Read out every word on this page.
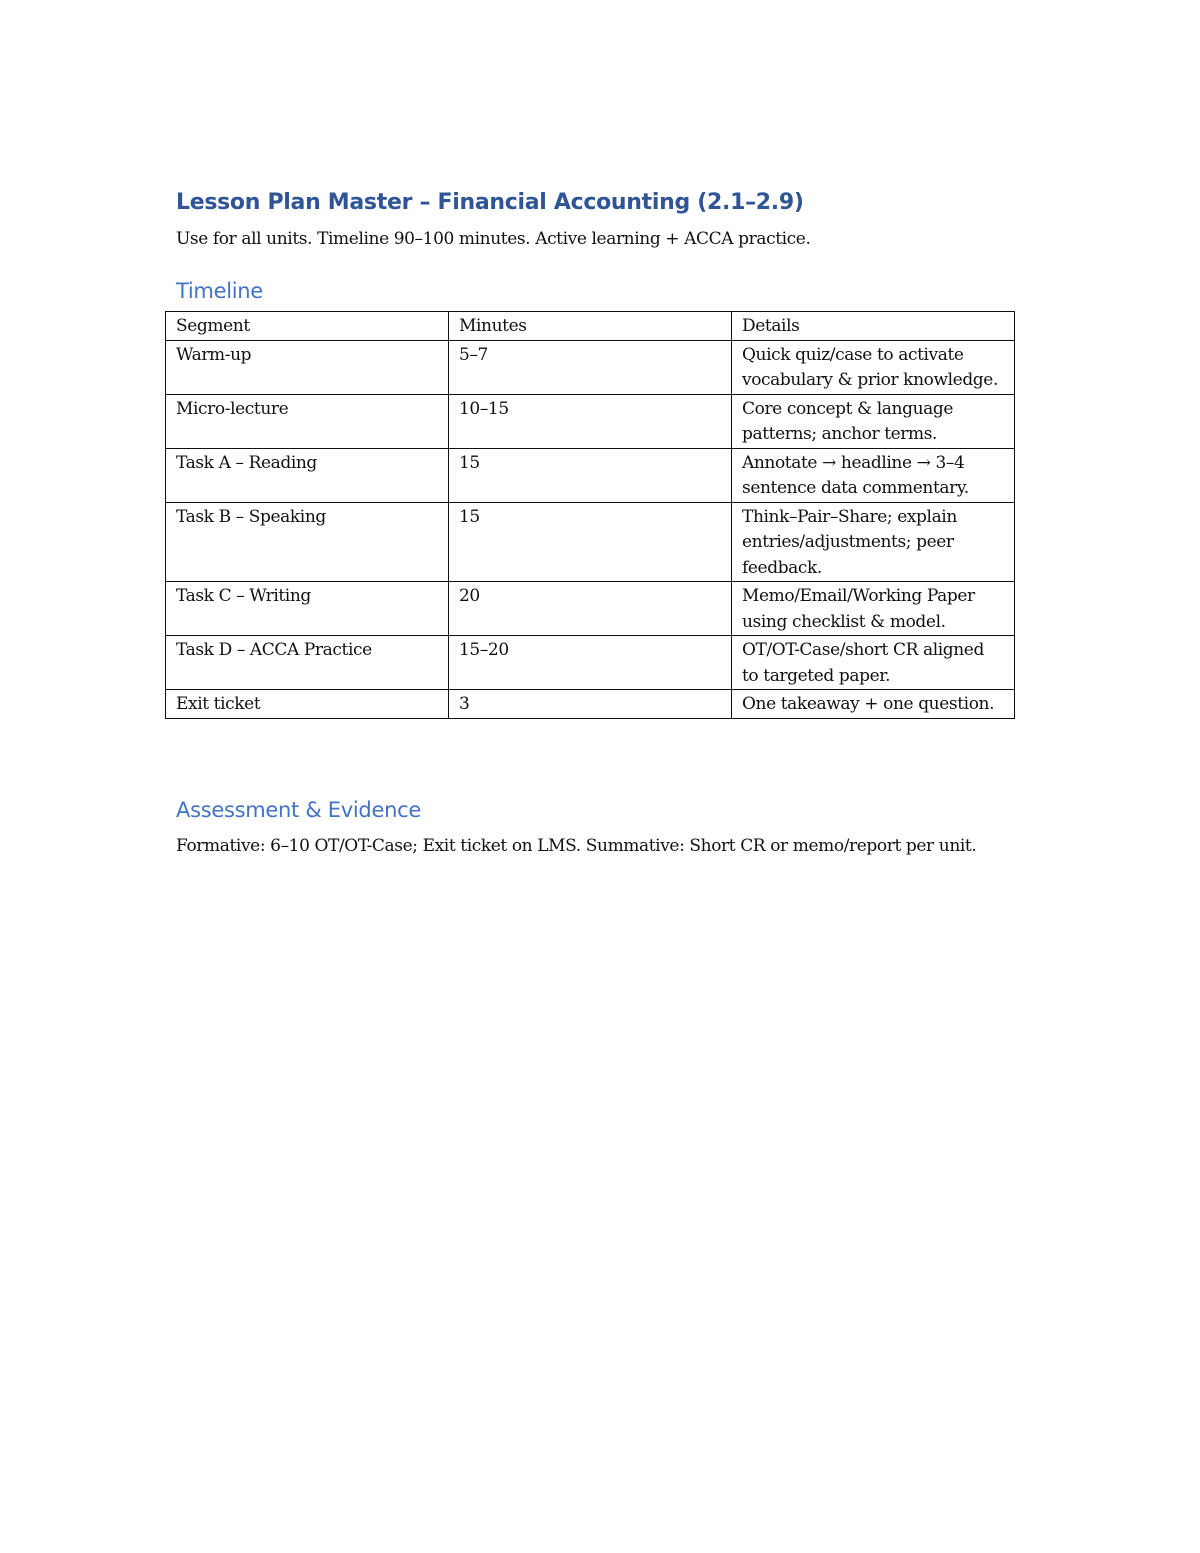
Lesson Plan Master – Financial Accounting (2.1–2.9)
Use for all units. Timeline 90–100 minutes. Active learning + ACCA practice.
Timeline
Segment	Minutes	Details
Warm-up	5–7	Quick quiz/case to activate vocabulary & prior knowledge.
Micro-lecture	10–15	Core concept & language patterns; anchor terms.
Task A – Reading	15	Annotate → headline → 3–4 sentence data commentary.
Task B – Speaking	15	Think–Pair–Share; explain entries/adjustments; peer feedback.
Task C – Writing	20	Memo/Email/Working Paper using checklist & model.
Task D – ACCA Practice	15–20	OT/OT-Case/short CR aligned to targeted paper.
Exit ticket	3	One takeaway + one question.
Assessment & Evidence
Formative: 6–10 OT/OT-Case; Exit ticket on LMS. Summative: Short CR or memo/report per unit.
